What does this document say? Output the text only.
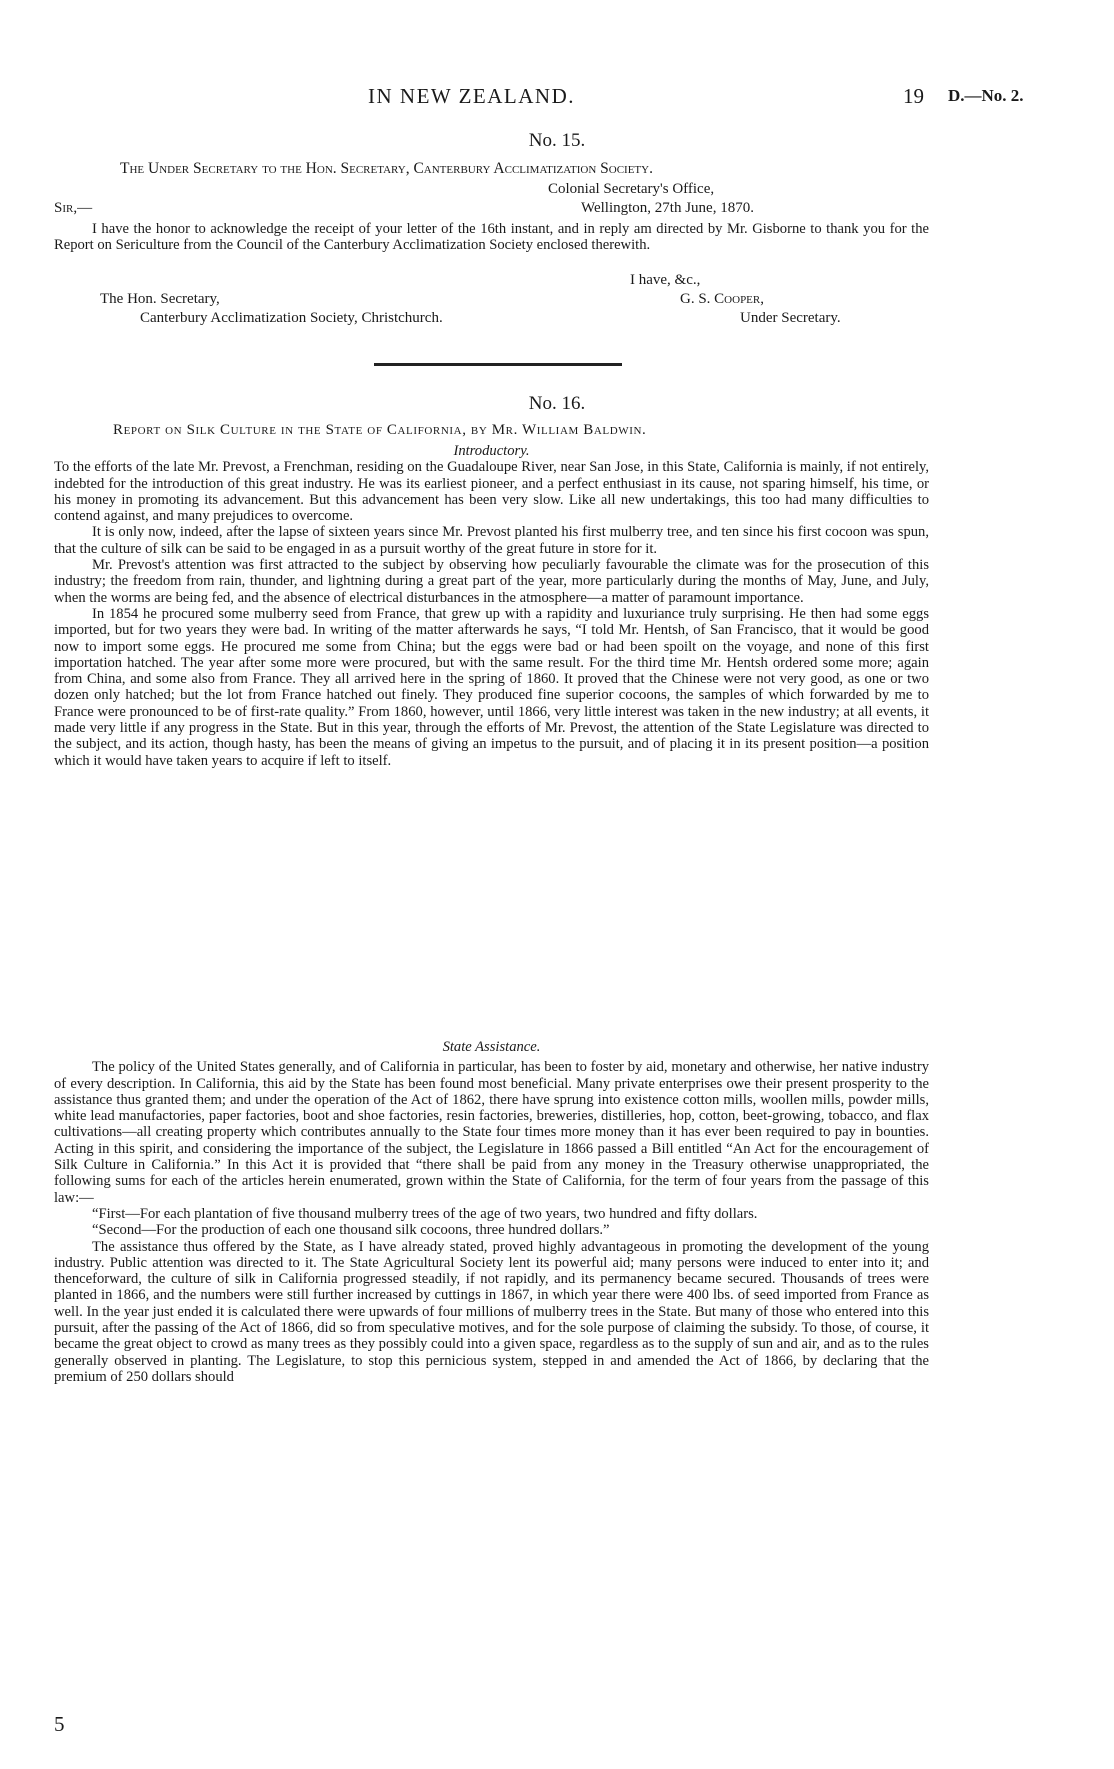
IN NEW ZEALAND.	19 D.—No. 2.
No. 15.
The Under Secretary to the Hon. Secretary, Canterbury Acclimatization Society.
Colonial Secretary's Office,
Sir,—	Wellington, 27th June, 1870.

I have the honor to acknowledge the receipt of your letter of the 16th instant, and in reply am directed by Mr. Gisborne to thank you for the Report on Sericulture from the Council of the Canterbury Acclimatization Society enclosed therewith.

I have, &c.,
The Hon. Secretary,	G. S. Cooper,
Canterbury Acclimatization Society, Christchurch.	Under Secretary.
No. 16.
Report on Silk Culture in the State of California, by Mr. William Baldwin.

Introductory.

To the efforts of the late Mr. Prevost, a Frenchman, residing on the Guadaloupe River, near San Jose, in this State, California is mainly, if not entirely, indebted for the introduction of this great industry. He was its earliest pioneer, and a perfect enthusiast in its cause, not sparing himself, his time, or his money in promoting its advancement. But this advancement has been very slow. Like all new undertakings, this too had many difficulties to contend against, and many prejudices to overcome.

It is only now, indeed, after the lapse of sixteen years since Mr. Prevost planted his first mulberry tree, and ten since his first cocoon was spun, that the culture of silk can be said to be engaged in as a pursuit worthy of the great future in store for it.

Mr. Prevost's attention was first attracted to the subject by observing how peculiarly favourable the climate was for the prosecution of this industry; the freedom from rain, thunder, and lightning during a great part of the year, more particularly during the months of May, June, and July, when the worms are being fed, and the absence of electrical disturbances in the atmosphere—a matter of paramount importance.

In 1854 he procured some mulberry seed from France, that grew up with a rapidity and luxuriance truly surprising. He then had some eggs imported, but for two years they were bad. In writing of the matter afterwards he says, “I told Mr. Hentsh, of San Francisco, that it would be good now to import some eggs. He procured me some from China; but the eggs were bad or had been spoilt on the voyage, and none of this first importation hatched. The year after some more were procured, but with the same result. For the third time Mr. Hentsh ordered some more; again from China, and some also from France. They all arrived here in the spring of 1860. It proved that the Chinese were not very good, as one or two dozen only hatched; but the lot from France hatched out finely. They produced fine superior cocoons, the samples of which forwarded by me to France were pronounced to be of first-rate quality.” From 1860, however, until 1866, very little interest was taken in the new industry; at all events, it made very little if any progress in the State. But in this year, through the efforts of Mr. Prevost, the attention of the State Legislature was directed to the subject, and its action, though hasty, has been the means of giving an impetus to the pursuit, and of placing it in its present position—a position which it would have taken years to acquire if left to itself.

State Assistance.

The policy of the United States generally, and of California in particular, has been to foster by aid, monetary and otherwise, her native industry of every description. In California, this aid by the State has been found most beneficial. Many private enterprises owe their present prosperity to the assistance thus granted them; and under the operation of the Act of 1862, there have sprung into existence cotton mills, woollen mills, powder mills, white lead manufactories, paper factories, boot and shoe factories, resin factories, breweries, distilleries, hop, cotton, beet-growing, tobacco, and flax cultivations—all creating property which contributes annually to the State four times more money than it has ever been required to pay in bounties. Acting in this spirit, and considering the importance of the subject, the Legislature in 1866 passed a Bill entitled “An Act for the encouragement of Silk Culture in California.” In this Act it is provided that “there shall be paid from any money in the Treasury otherwise unappropriated, the following sums for each of the articles herein enumerated, grown within the State of California, for the term of four years from the passage of this law:—

“First—For each plantation of five thousand mulberry trees of the age of two years, two hundred and fifty dollars.

“Second—For the production of each one thousand silk cocoons, three hundred dollars.”

The assistance thus offered by the State, as I have already stated, proved highly advantageous in promoting the development of the young industry. Public attention was directed to it. The State Agricultural Society lent its powerful aid; many persons were induced to enter into it; and thenceforward, the culture of silk in California progressed steadily, if not rapidly, and its permanency became secured. Thousands of trees were planted in 1866, and the numbers were still further increased by cuttings in 1867, in which year there were 400 lbs. of seed imported from France as well. In the year just ended it is calculated there were upwards of four millions of mulberry trees in the State. But many of those who entered into this pursuit, after the passing of the Act of 1866, did so from speculative motives, and for the sole purpose of claiming the subsidy. To those, of course, it became the great object to crowd as many trees as they possibly could into a given space, regardless as to the supply of sun and air, and as to the rules generally observed in planting. The Legislature, to stop this pernicious system, stepped in and amended the Act of 1866, by declaring that the premium of 250 dollars should

5
